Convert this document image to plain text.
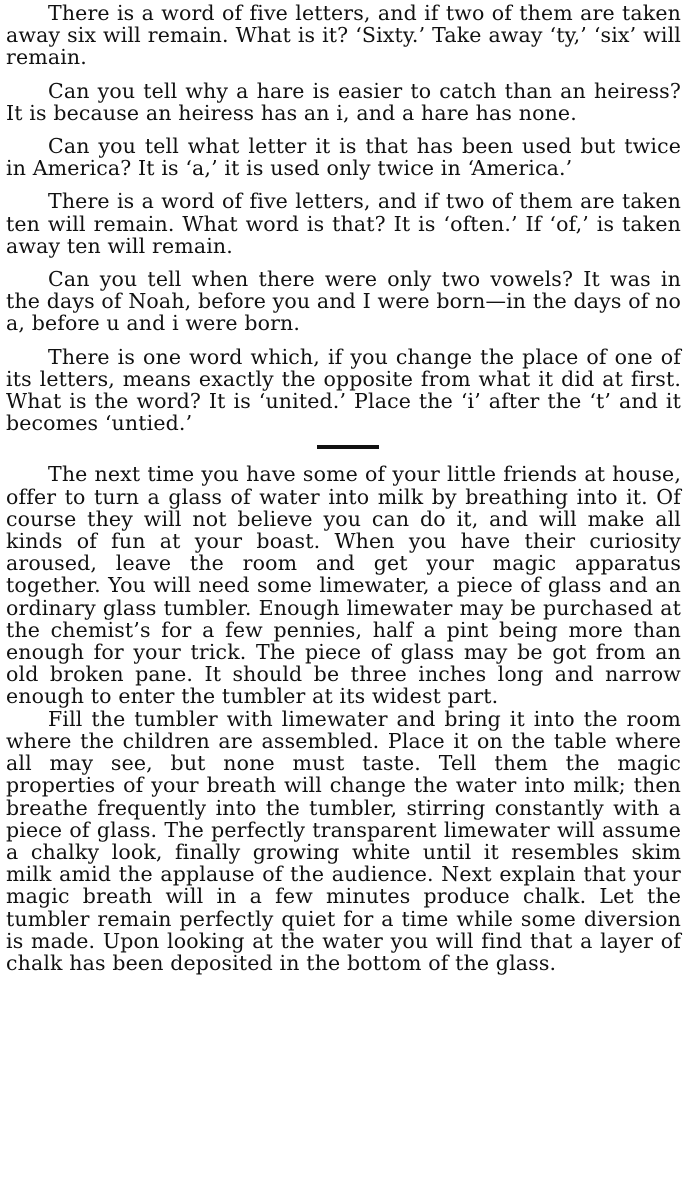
There is a word of five letters, and if two of them are taken away six will remain. What is it? ‘Sixty.’ Take away ‘ty,’ ‘six’ will remain.

Can you tell why a hare is easier to catch than an heiress? It is because an heiress has an i, and a hare has none.

Can you tell what letter it is that has been used but twice in America? It is ‘a,’ it is used only twice in ‘America.’

There is a word of five letters, and if two of them are taken ten will remain. What word is that? It is ‘often.’ If ‘of,’ is taken away ten will remain.

Can you tell when there were only two vowels? It was in the days of Noah, before you and I were born—in the days of no a, before u and i were born.

There is one word which, if you change the place of one of its letters, means exactly the opposite from what it did at first. What is the word? It is ‘united.’ Place the ‘i’ after the ‘t’ and it becomes ‘untied.’

The next time you have some of your little friends at house, offer to turn a glass of water into milk by breathing into it. Of course they will not believe you can do it, and will make all kinds of fun at your boast. When you have their curiosity aroused, leave the room and get your magic apparatus together. You will need some limewater, a piece of glass and an ordinary glass tumbler. Enough limewater may be purchased at the chemist’s for a few pennies, half a pint being more than enough for your trick. The piece of glass may be got from an old broken pane. It should be three inches long and narrow enough to enter the tumbler at its widest part.

Fill the tumbler with limewater and bring it into the room where the children are assembled. Place it on the table where all may see, but none must taste. Tell them the magic properties of your breath will change the water into milk; then breathe frequently into the tumbler, stirring constantly with a piece of glass. The perfectly transparent limewater will assume a chalky look, finally growing white until it resembles skim milk amid the applause of the audience. Next explain that your magic breath will in a few minutes produce chalk. Let the tumbler remain perfectly quiet for a time while some diversion is made. Upon looking at the water you will find that a layer of chalk has been deposited in the bottom of the glass.
